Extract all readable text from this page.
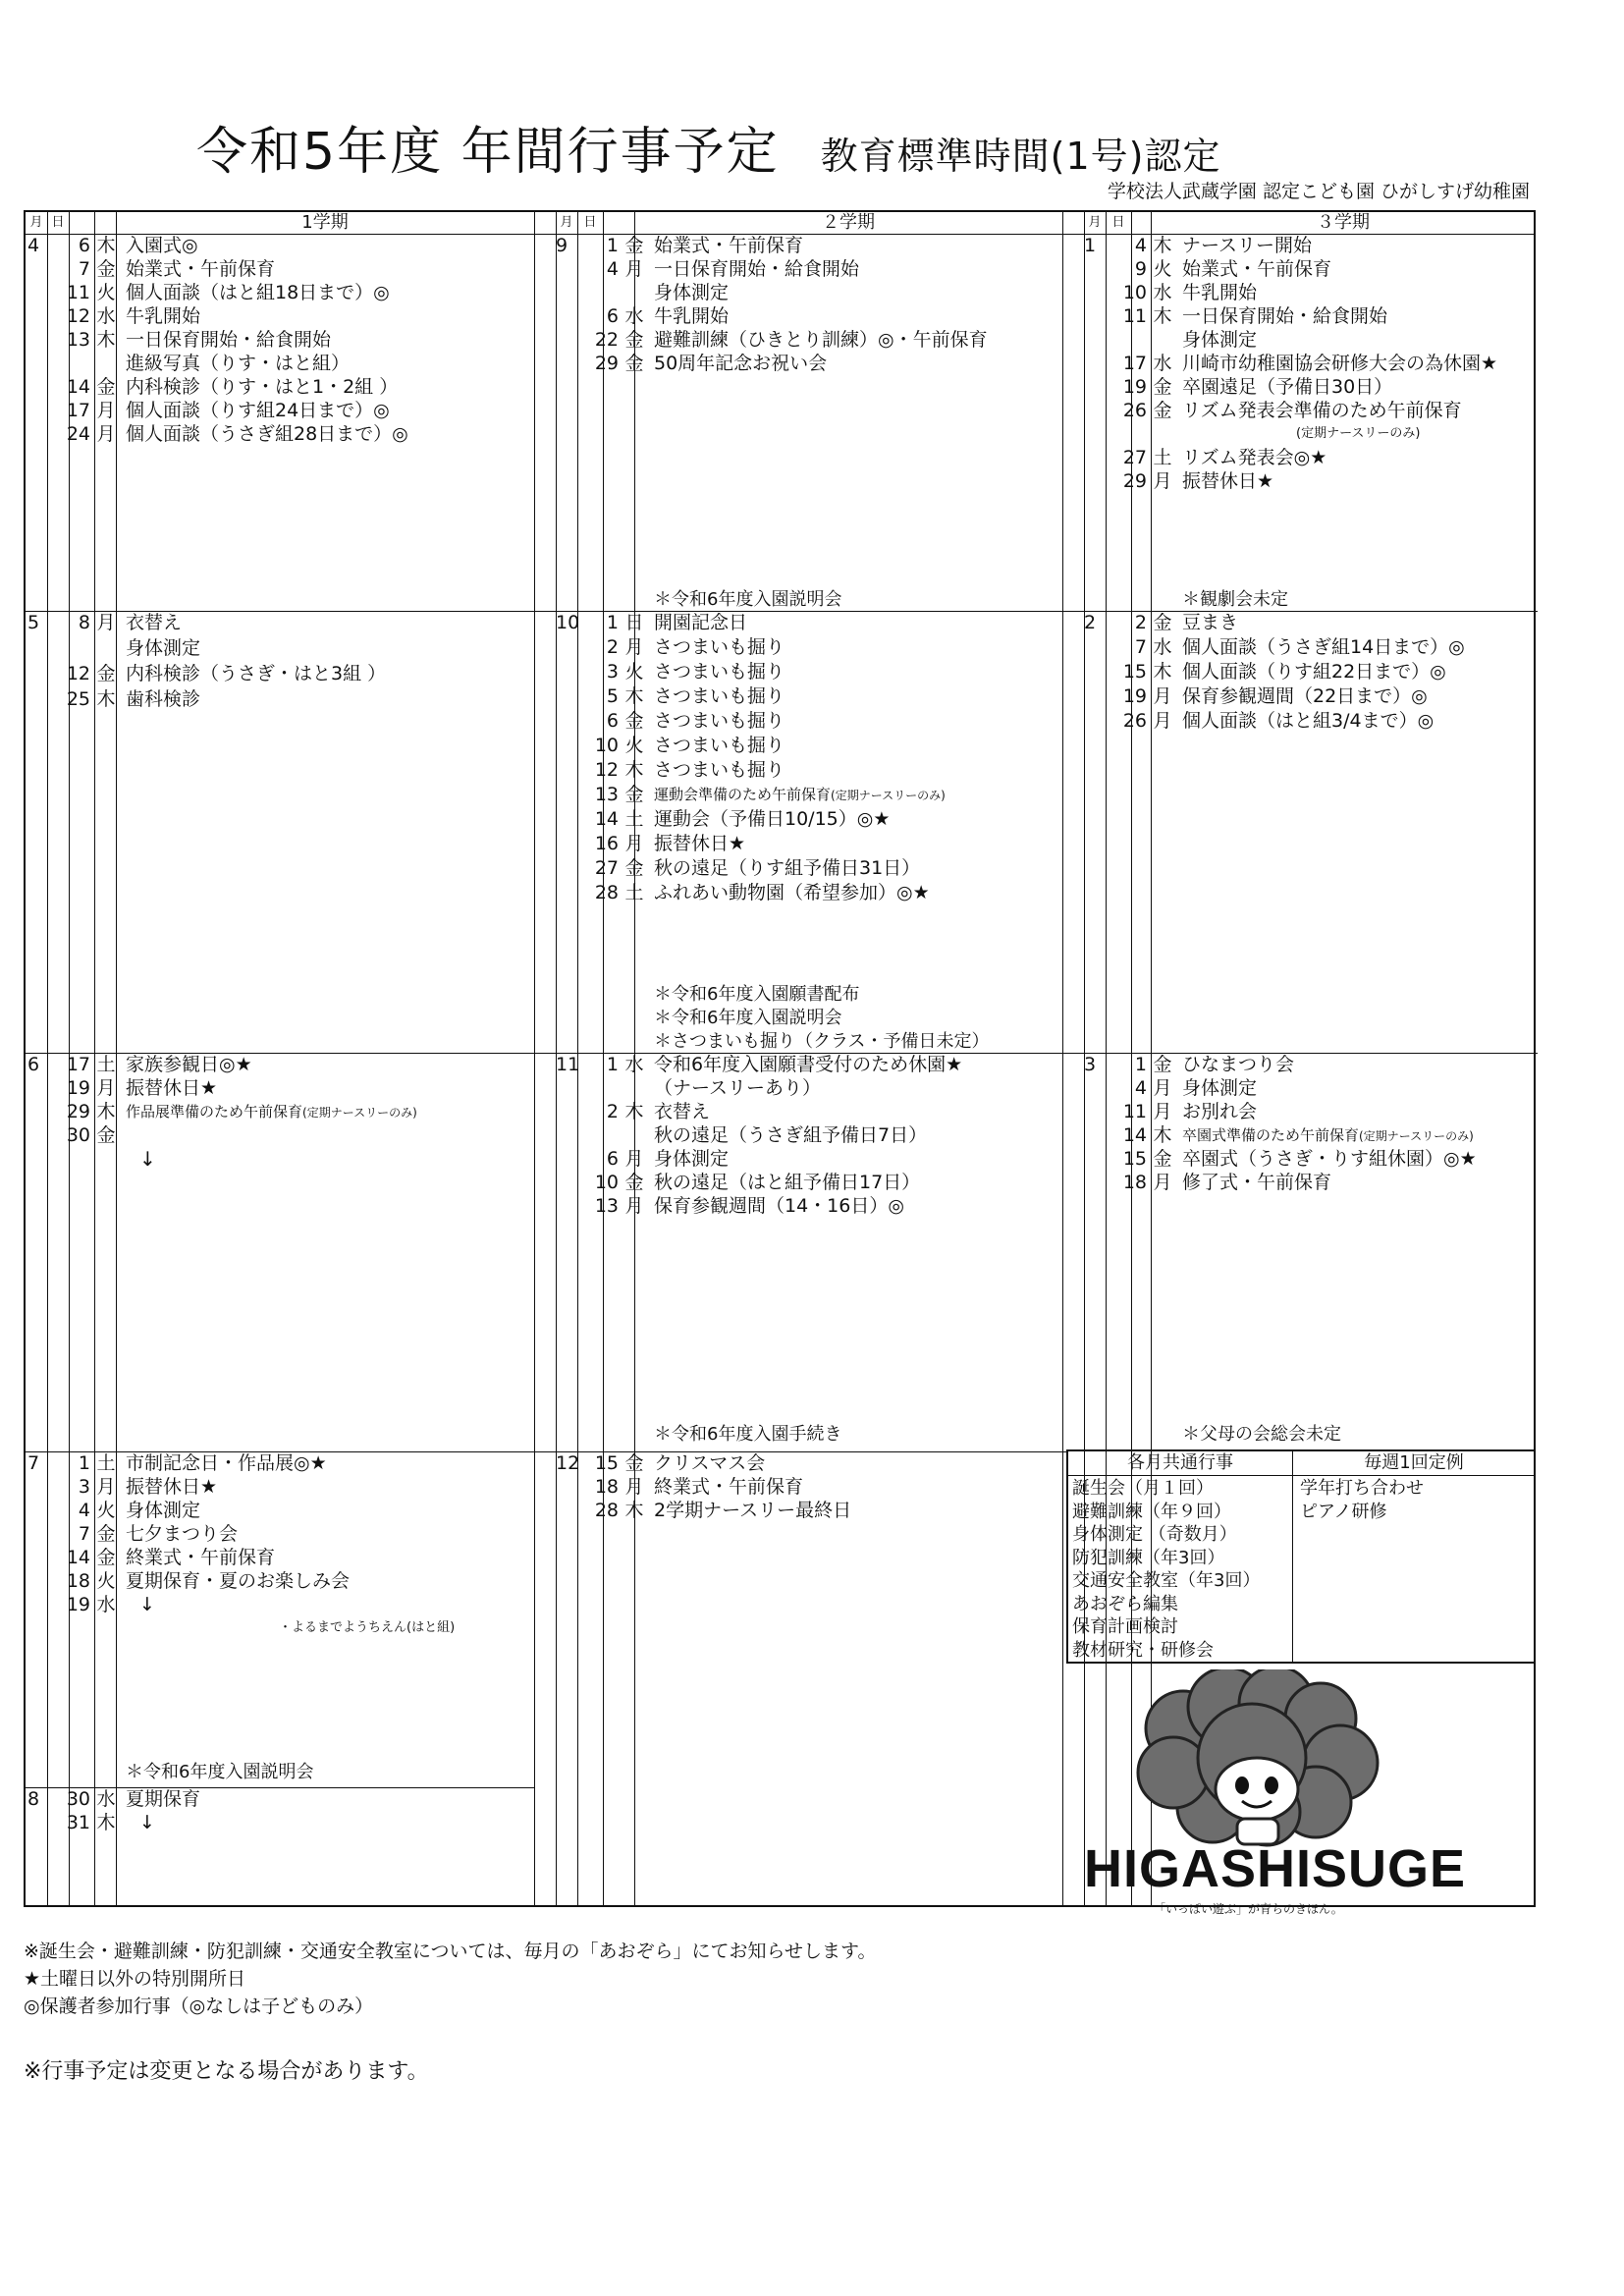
令和5年度 年間行事予定 教育標準時間(1号)認定
学校法人武蔵学園 認定こども園 ひがしすげ幼稚園
月 日	1学期	月 日	２学期	月 日	３学期
4	6 木 入園式◎
7 金 始業式・午前保育
11 火 個人面談（はと組18日まで）◎
12 水 牛乳開始
13 木 一日保育開始・給食開始
進級写真（りす・はと組）
14 金 内科検診（りす・はと1・2組 ）
17 月 個人面談（りす組24日まで）◎
24 月 個人面談（うさぎ組28日まで）◎
5	8 月 衣替え
身体測定
12 金 内科検診（うさぎ・はと3組 ）
25 木 歯科検診
6	17 土 家族参観日◎★
19 月 振替休日★
29 木 作品展準備のため午前保育(定期ナースリーのみ)
30 金
↓
7	1 土 市制記念日・作品展◎★
3 月 振替休日★
4 火 身体測定
7 金 七夕まつり会
14 金 終業式・午前保育
18 火 夏期保育・夏のお楽しみ会
19 水 ↓
・よるまでようちえん(はと組)
8	30 水 夏期保育
31 木 ↓
9	1 金 始業式・午前保育
4 月 一日保育開始・給食開始
身体測定
6 水 牛乳開始
22 金 避難訓練（ひきとり訓練）◎・午前保育
29 金 50周年記念お祝い会
10	1 日 開園記念日
2 月 さつまいも掘り
3 火 さつまいも掘り
5 木 さつまいも掘り
6 金 さつまいも掘り
10 火 さつまいも掘り
12 木 さつまいも掘り
13 金 運動会準備のため午前保育(定期ナースリーのみ)
14 土 運動会（予備日10/15）◎★
16 月 振替休日★
27 金 秋の遠足（りす組予備日31日）
28 土 ふれあい動物園（希望参加）◎★
11	1 水 令和6年度入園願書受付のため休園★
（ナースリーあり）
2 木 衣替え
秋の遠足（うさぎ組予備日7日）
6 月 身体測定
10 金 秋の遠足（はと組予備日17日）
13 月 保育参観週間（14・16日）◎
12 15 金 クリスマス会
18 月 終業式・午前保育
28 木 2学期ナースリー最終日
1	4 木 ナースリー開始
9 火 始業式・午前保育
10 水 牛乳開始
11 木 一日保育開始・給食開始
身体測定
17 水 川崎市幼稚園協会研修大会の為休園★
19 金 卒園遠足（予備日30日）
26 金 リズム発表会準備のため午前保育
(定期ナースリーのみ)
27 土 リズム発表会◎★
29 月 振替休日★
2	2 金 豆まき
7 水 個人面談（うさぎ組14日まで）◎
15 木 個人面談（りす組22日まで）◎
19 月 保育参観週間（22日まで）◎
26 月 個人面談（はと組3/4まで）◎
3	1 金 ひなまつり会
4 月 身体測定
11 月 お別れ会
14 木 卒園式準備のため午前保育(定期ナースリーのみ)
15 金 卒園式（うさぎ・りす組休園）◎★
18 月 修了式・午前保育
＊令和6年度入園説明会
＊令和6年度入園説明会
＊令和6年度入園願書配布
＊令和6年度入園説明会
＊さつまいも掘り（クラス・予備日未定）
＊令和6年度入園手続き
＊観劇会未定
＊父母の会総会未定
各月共通行事	毎週1回定例
誕生会（月１回）
避難訓練（年９回）
身体測定 （奇数月）
防犯訓練（年3回）
交通安全教室（年3回）
あおぞら編集
保育計画検討
教材研究・研修会
学年打ち合わせ
ピアノ研修
HIGASHISUGE
「いっぱい遊ぶ」が育ちのきほん。
※誕生会・避難訓練・防犯訓練・交通安全教室については、毎月の「あおぞら」にてお知らせします。
★土曜日以外の特別開所日
◎保護者参加行事（◎なしは子どものみ）
※行事予定は変更となる場合があります。
